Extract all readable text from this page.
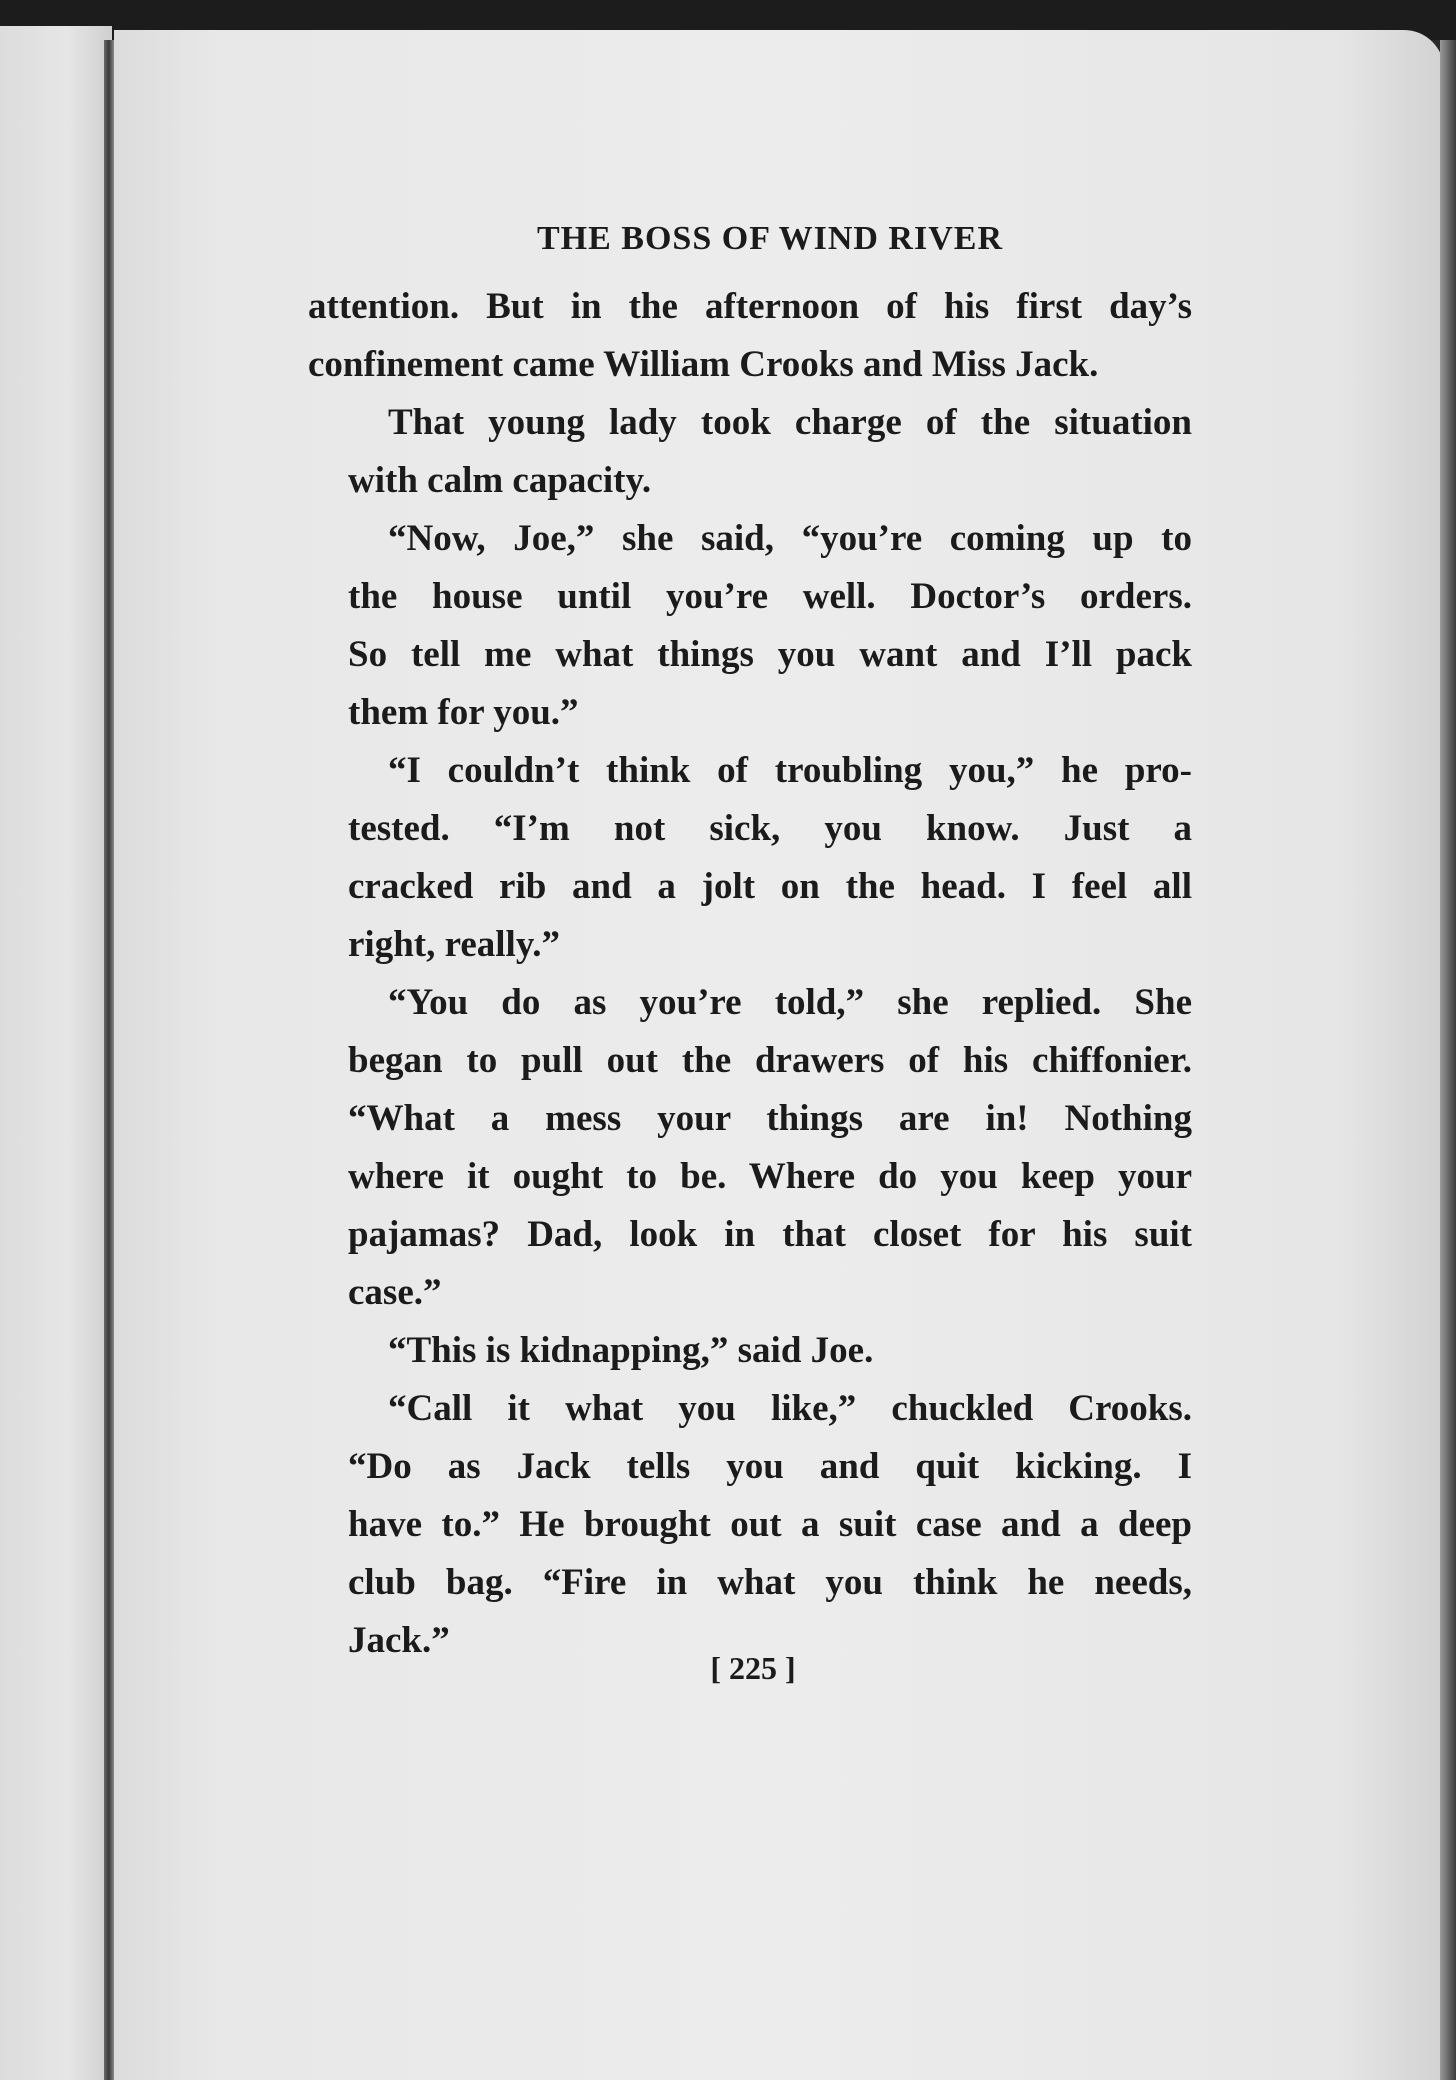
THE BOSS OF WIND RIVER
attention. But in the afternoon of his first day’s
confinement came William Crooks and Miss Jack.
That young lady took charge of the situation
with calm capacity.
“Now, Joe,” she said, “you’re coming up to
the house until you’re well. Doctor’s orders.
So tell me what things you want and I’ll pack
them for you.”
“I couldn’t think of troubling you,” he pro-
tested. “I’m not sick, you know. Just a
cracked rib and a jolt on the head. I feel all
right, really.”
“You do as you’re told,” she replied. She
began to pull out the drawers of his chiffonier.
“What a mess your things are in! Nothing
where it ought to be. Where do you keep your
pajamas? Dad, look in that closet for his suit
case.”
“This is kidnapping,” said Joe.
“Call it what you like,” chuckled Crooks.
“Do as Jack tells you and quit kicking. I
have to.” He brought out a suit case and a deep
club bag. “Fire in what you think he needs,
Jack.”
[ 225 ]
